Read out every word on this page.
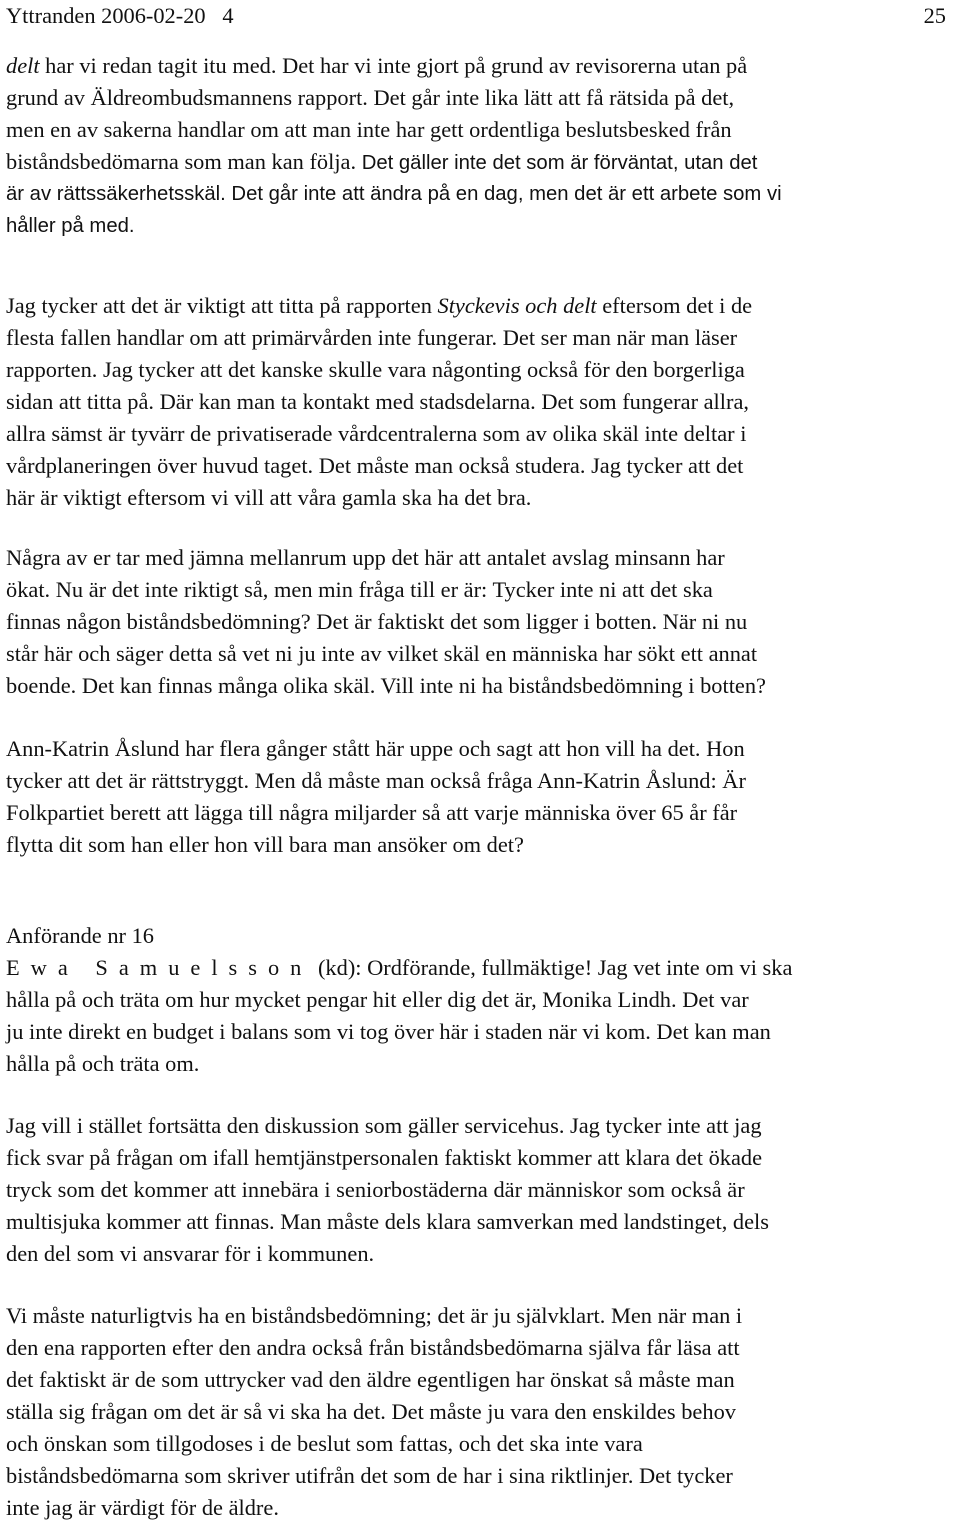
Yttranden 2006-02-20   4	25
delt har vi redan tagit itu med. Det har vi inte gjort på grund av revisorerna utan på
grund av Äldreombudsmannens rapport. Det går inte lika lätt att få rätsida på det,
men en av sakerna handlar om att man inte har gett ordentliga beslutsbesked från
biståndsbedömarna som man kan följa. Det gäller inte det som är förväntat, utan det
är av rättssäkerhetsskäl. Det går inte att ändra på en dag, men det är ett arbete som vi
håller på med.
Jag tycker att det är viktigt att titta på rapporten Styckevis och delt eftersom det i de
flesta fallen handlar om att primärvården inte fungerar. Det ser man när man läser
rapporten. Jag tycker att det kanske skulle vara någonting också för den borgerliga
sidan att titta på. Där kan man ta kontakt med stadsdelarna. Det som fungerar allra,
allra sämst är tyvärr de privatiserade vårdcentralerna som av olika skäl inte deltar i
vårdplaneringen över huvud taget. Det måste man också studera. Jag tycker att det
här är viktigt eftersom vi vill att våra gamla ska ha det bra.
Några av er tar med jämna mellanrum upp det här att antalet avslag minsann har
ökat. Nu är det inte riktigt så, men min fråga till er är: Tycker inte ni att det ska
finnas någon biståndsbedömning? Det är faktiskt det som ligger i botten. När ni nu
står här och säger detta så vet ni ju inte av vilket skäl en människa har sökt ett annat
boende. Det kan finnas många olika skäl. Vill inte ni ha biståndsbedömning i botten?
Ann-Katrin Åslund har flera gånger stått här uppe och sagt att hon vill ha det. Hon
tycker att det är rättstryggt. Men då måste man också fråga Ann-Katrin Åslund: Är
Folkpartiet berett att lägga till några miljarder så att varje människa över 65 år får
flytta dit som han eller hon vill bara man ansöker om det?
Anförande nr 16
Ewa Samuelsson (kd): Ordförande, fullmäktige! Jag vet inte om vi ska
hålla på och träta om hur mycket pengar hit eller dig det är, Monika Lindh. Det var
ju inte direkt en budget i balans som vi tog över här i staden när vi kom. Det kan man
hålla på och träta om.
Jag vill i stället fortsätta den diskussion som gäller servicehus. Jag tycker inte att jag
fick svar på frågan om ifall hemtjänstpersonalen faktiskt kommer att klara det ökade
tryck som det kommer att innebära i seniorbostäderna där människor som också är
multisjuka kommer att finnas. Man måste dels klara samverkan med landstinget, dels
den del som vi ansvarar för i kommunen.
Vi måste naturligtvis ha en biståndsbedömning; det är ju självklart. Men när man i
den ena rapporten efter den andra också från biståndsbedömarna själva får läsa att
det faktiskt är de som uttrycker vad den äldre egentligen har önskat så måste man
ställa sig frågan om det är så vi ska ha det. Det måste ju vara den enskildes behov
och önskan som tillgodoses i de beslut som fattas, och det ska inte vara
biståndsbedömarna som skriver utifrån det som de har i sina riktlinjer. Det tycker
inte jag är värdigt för de äldre.
